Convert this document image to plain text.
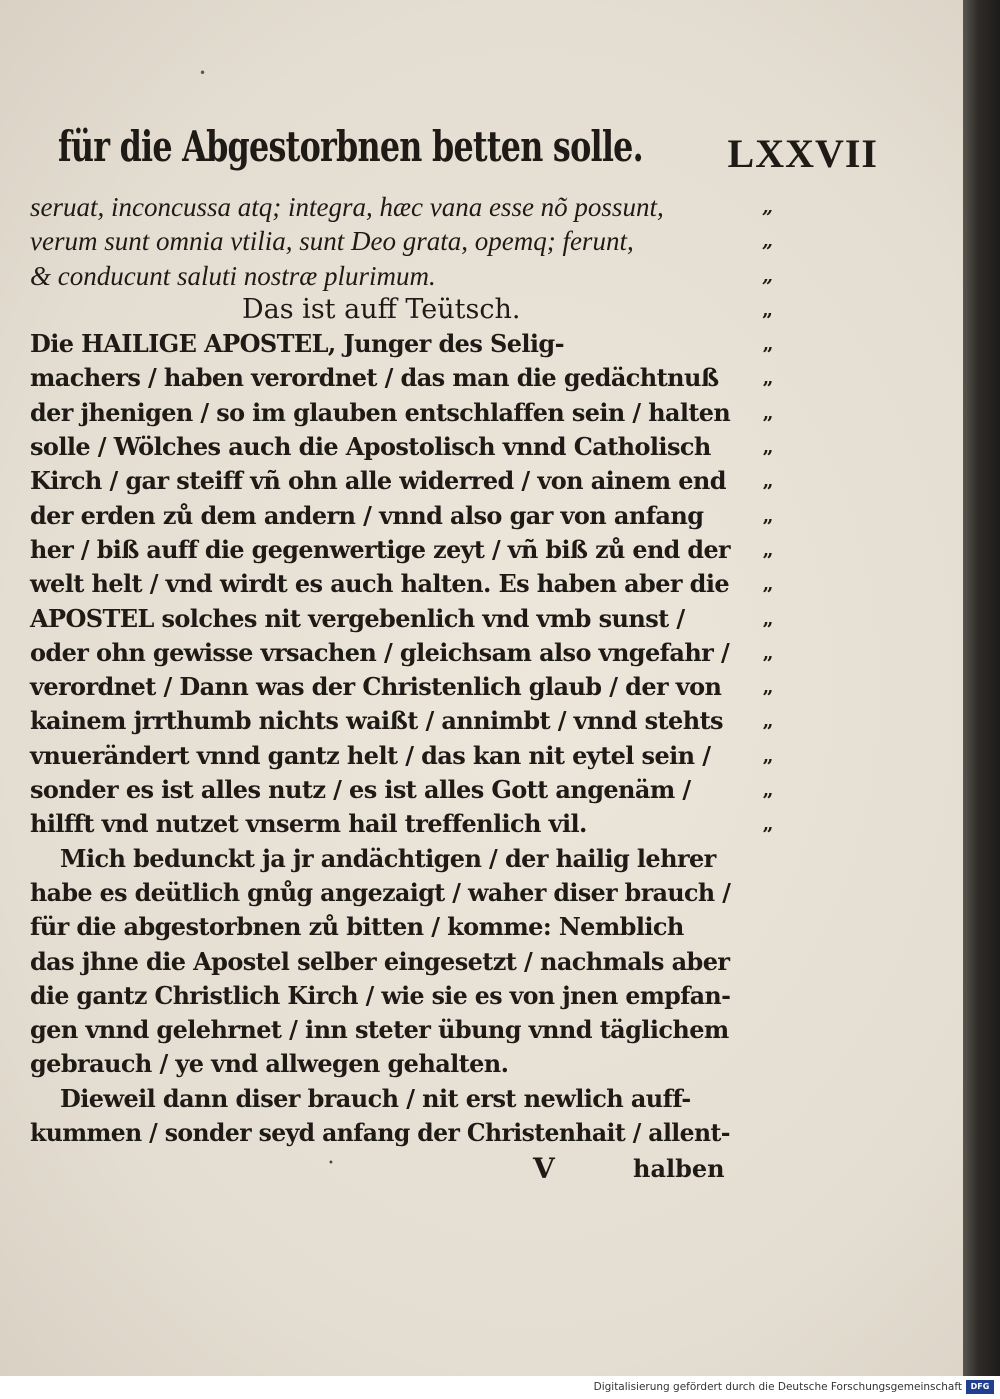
•
für die Abgestorbnen betten solle. LXXVII
seruat, inconcussa atq; integra, hæc vana esse nõ possunt,	„
verum sunt omnia vtilia, sunt Deo grata, opemq; ferunt,	„
& conducunt saluti nostræ plurimum.	„
Das ist auff Teütsch.	„
Die HAILIGE APOSTEL, Junger des Selig-	„
machers / haben verordnet / das man die gedächtnuß „
der jhenigen / so im glauben entschlaffen sein / halten „
solle / Wölches auch die Apostolisch vnnd Catholisch	„
Kirch / gar steiff vñ ohn alle widerred / von ainem end „
der erden zů dem andern / vnnd also gar von anfang	„
her / biß auff die gegenwertige zeyt / vñ biß zů end der „
welt helt / vnd wirdt es auch halten. Es haben aber die „
APOSTEL solches nit vergebenlich vnd vmb sunst /	„
oder ohn gewisse vrsachen / gleichsam also vngefahr / „
verordnet / Dann was der Christenlich glaub / der von „
kainem jrrthumb nichts waißt / annimbt / vnnd stehts „
vnuerändert vnnd gantz helt / das kan nit eytel sein /	„
sonder es ist alles nutz / es ist alles Gott angenäm /	„
hilfft vnd nutzet vnserm hail treffenlich vil.	„
Mich bedunckt ja jr andächtigen / der hailig lehrer
habe es deütlich gnůg angezaigt / waher diser brauch /
für die abgestorbnen zů bitten / komme: Nemblich
das jhne die Apostel selber eingesetzt / nachmals aber
die gantz Christlich Kirch / wie sie es von jnen empfan-
gen vnnd gelehrnet / inn steter übung vnnd täglichem
gebrauch / ye vnd allwegen gehalten.
Dieweil dann diser brauch / nit erst newlich auff-
kummen / sonder seyd anfang der Christenhait / allent-
•	V	halben
Digitalisierung gefördert durch die Deutsche Forschungsgemeinschaft	DFG
